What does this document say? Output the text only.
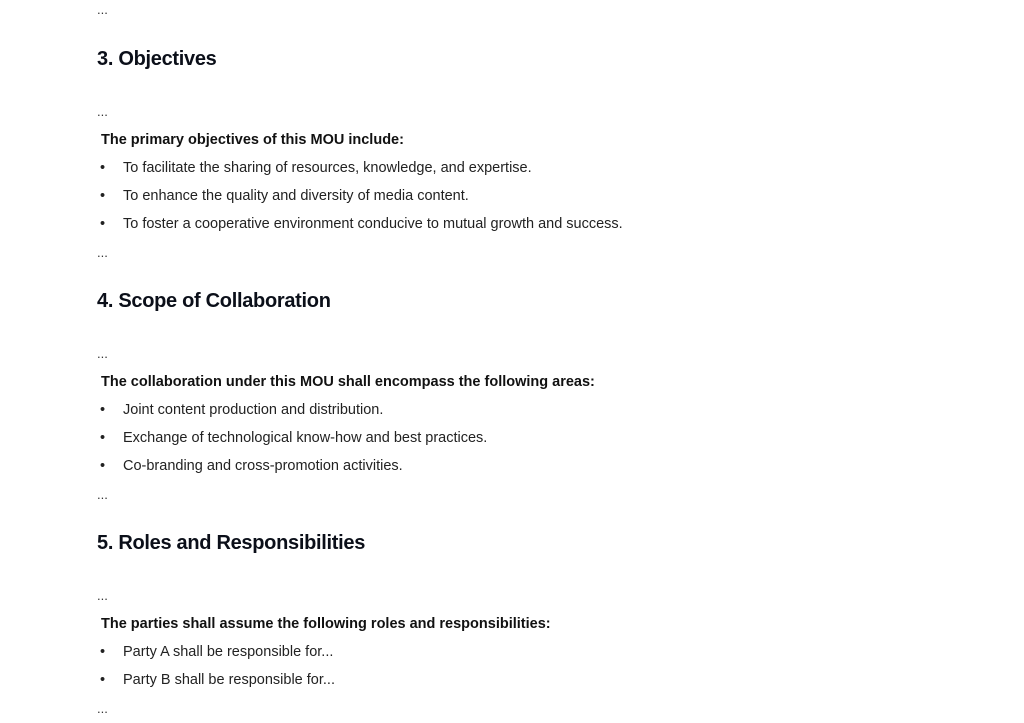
...
3. Objectives
...
The primary objectives of this MOU include:
• To facilitate the sharing of resources, knowledge, and expertise.
• To enhance the quality and diversity of media content.
• To foster a cooperative environment conducive to mutual growth and success.
...
4. Scope of Collaboration
...
The collaboration under this MOU shall encompass the following areas:
• Joint content production and distribution.
• Exchange of technological know-how and best practices.
• Co-branding and cross-promotion activities.
...
5. Roles and Responsibilities
...
The parties shall assume the following roles and responsibilities:
• Party A shall be responsible for...
• Party B shall be responsible for...
...
